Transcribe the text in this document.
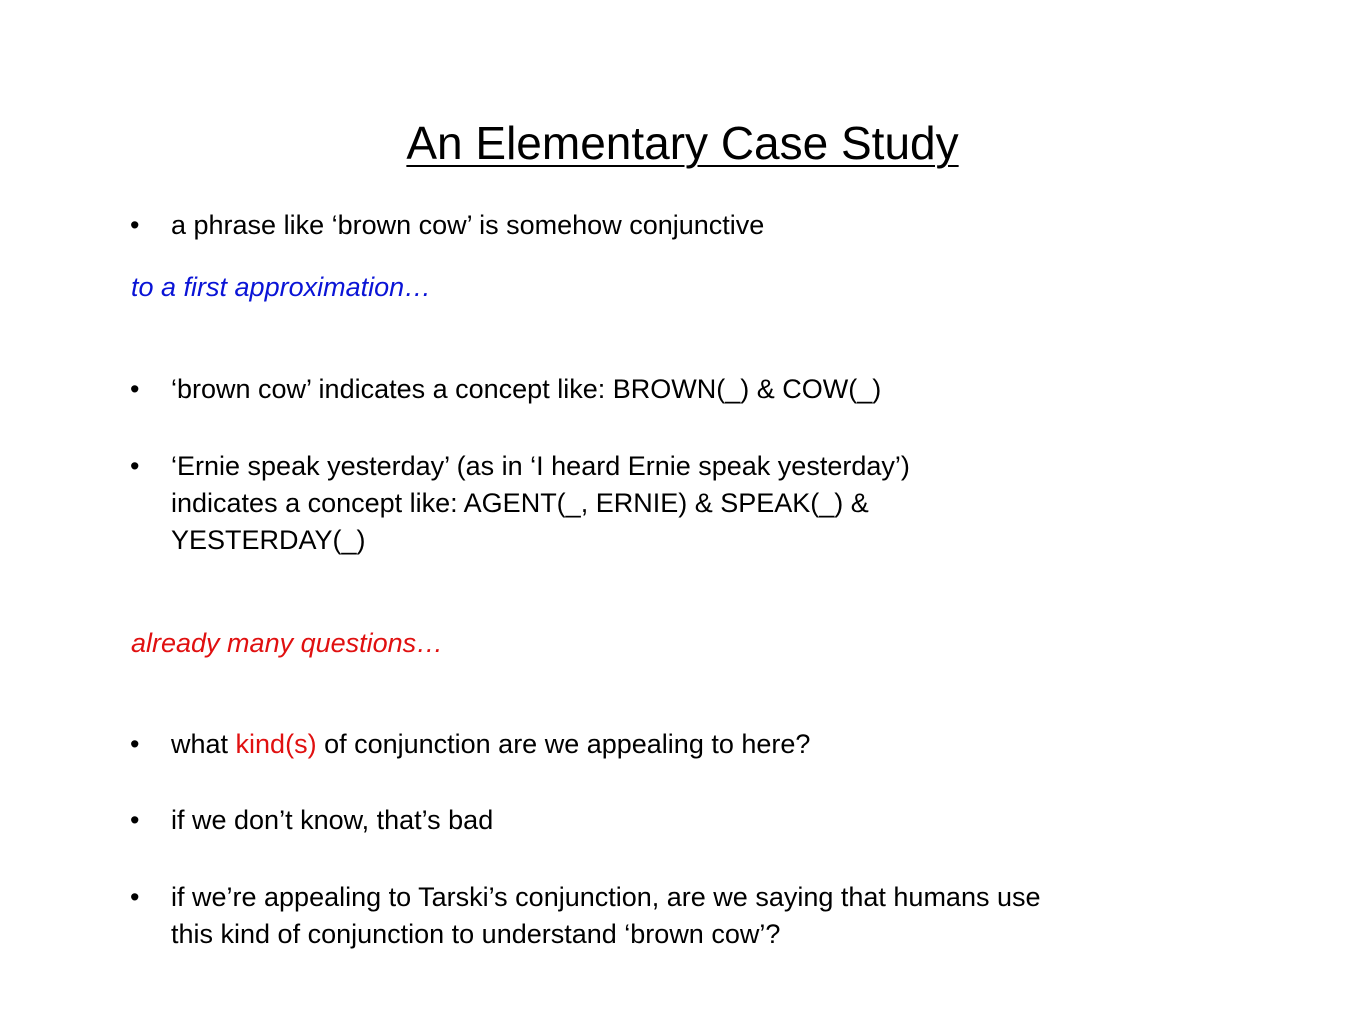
An Elementary Case Study
•	a phrase like ‘brown cow’ is somehow conjunctive
to a first approximation…
•	‘brown cow’ indicates a concept like: BROWN(_) & COW(_)
•	‘Ernie speak yesterday’ (as in ‘I heard Ernie speak yesterday’)
indicates a concept like: AGENT(_, ERNIE) & SPEAK(_) &
YESTERDAY(_)
already many questions…
•	what kind(s) of conjunction are we appealing to here?
•	if we don’t know, that’s bad
•	if we’re appealing to Tarski’s conjunction, are we saying that humans use
this kind of conjunction to understand ‘brown cow’?
